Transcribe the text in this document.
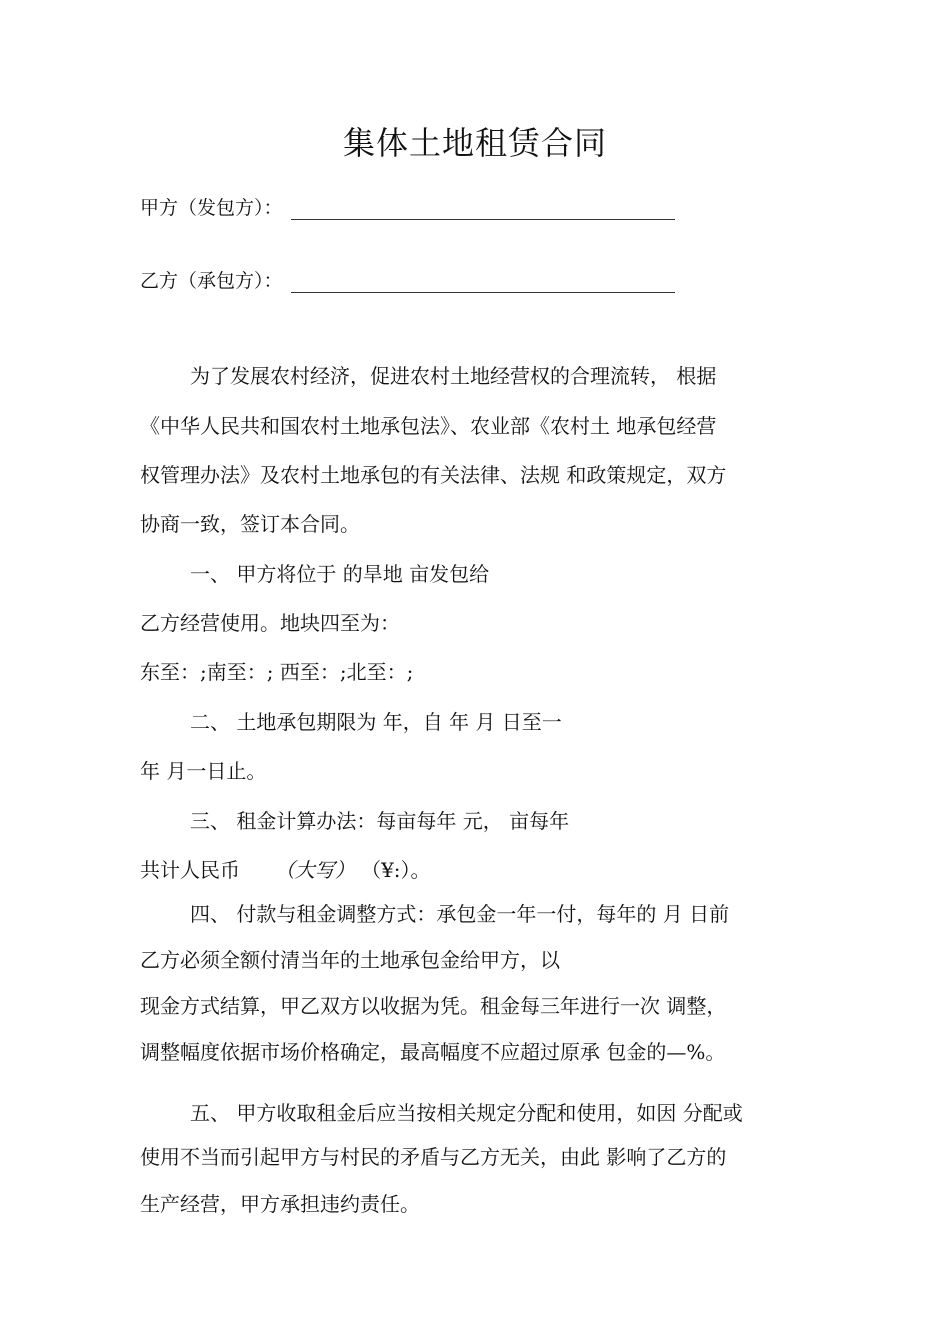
集体土地租赁合同
甲方（发包方）：
乙方（承包方）：
为了发展农村经济，促进农村土地经营权的合理流转， 根据
《中华人民共和国农村土地承包法》、农业部《农村土 地承包经营
权管理办法》及农村土地承包的有关法律、法规 和政策规定，双方
协商一致，签订本合同。
一、 甲方将位于 的旱地 亩发包给
乙方经营使用。地块四至为：
东至：;南至：; 西至：;北至：;
二、 土地承包期限为 年，自 年 月 日至一
年 月一日止。
三、 租金计算办法：每亩每年 元， 亩每年
共计人民币 （大写） （¥:）。
四、 付款与租金调整方式：承包金一年一付，每年的 月 日前
乙方必须全额付清当年的土地承包金给甲方，以
现金方式结算，甲乙双方以收据为凭。租金每三年进行一次 调整，
调整幅度依据市场价格确定，最高幅度不应超过原承 包金的—%。
五、 甲方收取租金后应当按相关规定分配和使用，如因 分配或
使用不当而引起甲方与村民的矛盾与乙方无关，由此 影响了乙方的
生产经营，甲方承担违约责任。
